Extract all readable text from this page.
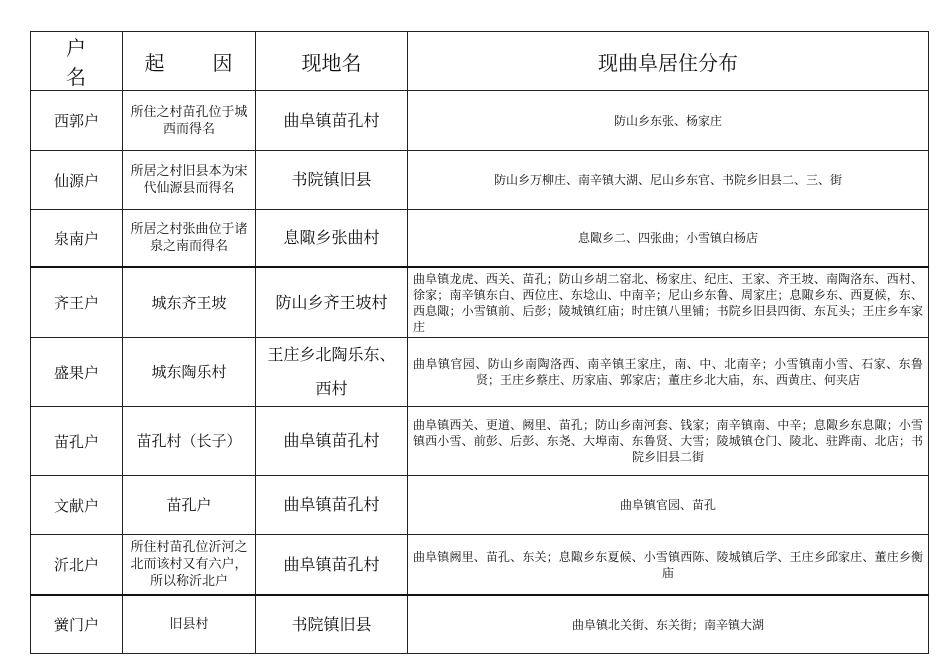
户　名	起　因	现地名	现曲阜居住分布
西郭户	所住之村苗孔位于城西而得名	曲阜镇苗孔村	防山乡东张、杨家庄
仙源户	所居之村旧县本为宋代仙源县而得名	书院镇旧县	防山乡万柳庄、南辛镇大湖、尼山乡东官、书院乡旧县二、三、街
泉南户	所居之村张曲位于诸泉之南而得名	息陬乡张曲村	息陬乡二、四张曲；小雪镇白杨店
齐王户	城东齐王坡	防山乡齐王坡村	曲阜镇龙虎、西关、苗孔；防山乡胡二窑北、杨家庄、纪庄、王家、齐王坡、南陶洛东、西村、徐家；南辛镇东白、西位庄、东埝山、中南辛；尼山乡东鲁、周家庄；息陬乡东、西夏候，东、西息陬；小雪镇前、后彭；陵城镇红庙；时庄镇八里铺；书院乡旧县四街、东瓦头；王庄乡车家庄
盛果户	城东陶乐村	王庄乡北陶乐东、西村	曲阜镇官园、防山乡南陶洛西、南辛镇王家庄，南、中、北南辛；小雪镇南小雪、石家、东鲁贤；王庄乡蔡庄、历家庙、郭家店；董庄乡北大庙，东、西黄庄、何夹店
苗孔户	苗孔村（长子）	曲阜镇苗孔村	曲阜镇西关、更道、阙里、苗孔；防山乡南河套、钱家；南辛镇南、中辛；息陬乡东息陬；小雪镇西小雪、前彭、后彭、东尧、大埠南、东鲁贤、大雪；陵城镇仓门、陵北、驻跸南、北店；书院乡旧县二街
文献户	苗孔户	曲阜镇苗孔村	曲阜镇官园、苗孔
沂北户	所住村苗孔位沂河之北而该村又有六户，所以称沂北户	曲阜镇苗孔村	曲阜镇阙里、苗孔、东关；息陬乡东夏候、小雪镇西陈、陵城镇后学、王庄乡邱家庄、董庄乡衡庙
黉门户	旧县村	书院镇旧县	曲阜镇北关街、东关街；南辛镇大湖
